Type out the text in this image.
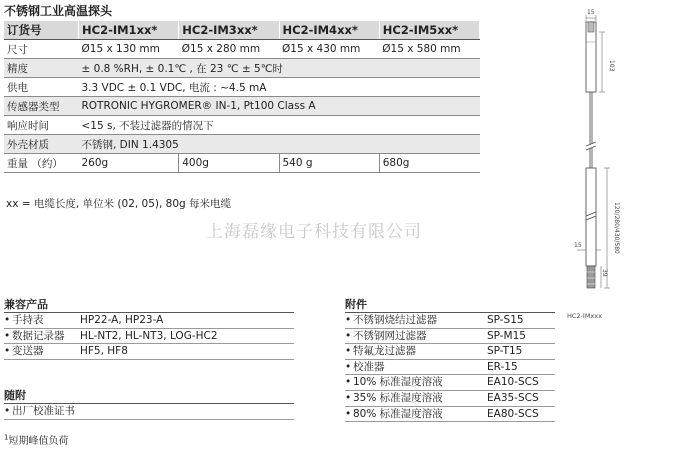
不锈钢工业高温探头
订货号	HC2-IM1xx*	HC2-IM3xx*	HC2-IM4xx*	HC2-IM5xx*
尺寸	Ø15 x 130 mm	Ø15 x 280 mm	Ø15 x 430 mm	Ø15 x 580 mm
精度	± 0.8 %RH, ± 0.1℃ , 在 23 ℃ ± 5℃时			
供电	3.3 VDC ± 0.1 VDC, 电流 : ~4.5 mA			
传感器类型	ROTRONIC HYGROMER® IN-1, Pt100 Class A			
响应时间	<15 s, 不装过滤器的情况下			
外壳材质	不锈钢, DIN 1.4305			
重量 （约）	260g	400g	540 g	680g
xx = 电缆长度, 单位米 (02, 05), 80g 每米电缆
上海磊缘电子科技有限公司
兼容产品
• 手持表	HP22-A, HP23-A
• 数据记录器 HL-NT2, HL-NT3, LOG-HC2
• 变送器	HF5, HF8
随附
• 出厂校准证书
附件
• 不锈钢烧结过滤器	SP-S15
• 不锈钢网过滤器	SP-M15
• 特氟龙过滤器	SP-T15
• 校准器	ER-15
• 10% 标准湿度溶液	EA10-SCS
• 35% 标准湿度溶液	EA35-SCS
• 80% 标准湿度溶液	EA80-SCS
$^1$短期峰值负荷
15
103
120/280/430/580
15
39
HC2-IMxxx
